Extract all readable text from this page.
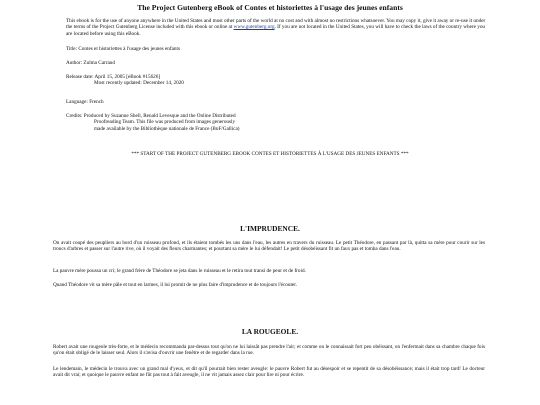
The Project Gutenberg eBook of Contes et historiettes à l'usage des jeunes enfants
This ebook is for the use of anyone anywhere in the United States and most other parts of the world at no cost and with almost no restrictions whatsoever. You may copy it, give it away or re-use it under the terms of the Project Gutenberg License included with this ebook or online at www.gutenberg.org. If you are not located in the United States, you will have to check the laws of the country where you are located before using this eBook.
Title: Contes et historiettes à l'usage des jeunes enfants
Author: Zulma Carraud
Release date: April 15, 2005 [eBook #15626]
Most recently updated: December 14, 2020
Language: French
Credits: Produced by Suzanne Shell, Renald Levesque and the Online Distributed
Proofreading Team. This file was produced from images generously
made available by the Bibliothèque nationale de France (BnF/Gallica)
*** START OF THE PROJECT GUTENBERG EBOOK CONTES ET HISTORIETTES À L'USAGE DES JEUNES ENFANTS ***
L'IMPRUDENCE.
On avait coupé des peupliers au bord d'un ruisseau profond, et ils étaient tombés les uns dans l'eau, les autres en travers du ruisseau. Le petit Théodore, en passant par là, quitta sa mère pour courir sur les troncs d'arbres et passer sur l'autre rive, où il voyait des fleurs charmantes; et pourtant sa mère le lui défendait! Le petit désobéissant fit un faux pas et tomba dans l'eau.
La pauvre mère poussa un cri; le grand frère de Théodore se jeta dans le ruisseau et le retira tout transi de peur et de froid.
Quand Théodore vit sa mère pâle et tout en larmes, il lui promit de ne plus faire d'imprudence et de toujours l'écouter.
LA ROUGEOLE.
Robert avait une rougeole très-forte, et le médecin recommanda par-dessus tout qu'on ne lui laissât pas prendre l'air; et comme on le connaissait fort peu obéissant, on l'enfermait dans sa chambre chaque fois qu'on était obligé de le laisser seul. Alors il s'avisa d'ouvrir une fenêtre et de regarder dans la rue.
Le lendemain, le médecin le trouva avec un grand mal d'yeux, et dit qu'il pourrait bien rester aveugle: le pauvre Robert fut au désespoir et se repentit de sa désobéissance; mais il était trop tard! Le docteur avait dit vrai; et quoique le pauvre enfant ne fût pas tout à fait aveugle, il ne vit jamais assez clair pour lire ni pour écrire.
